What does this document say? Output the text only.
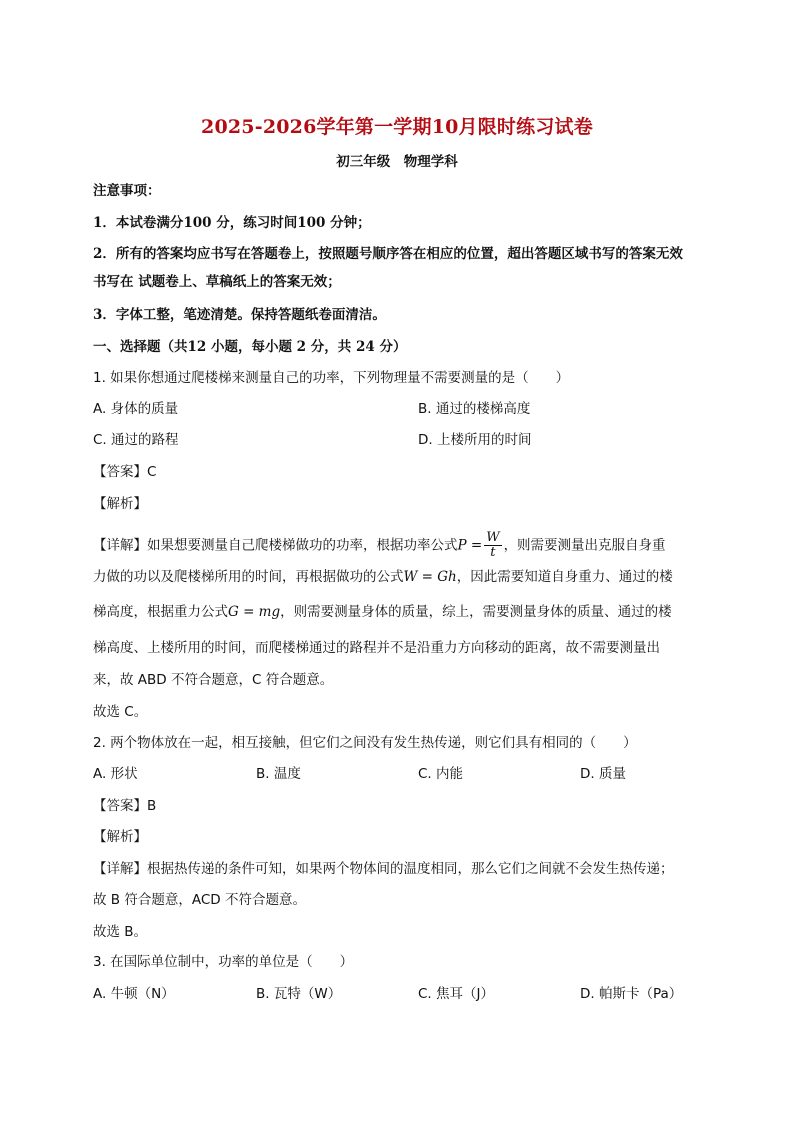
2025-2026学年第一学期10月限时练习试卷
初三年级　物理学科
注意事项：
1．本试卷满分100 分，练习时间100 分钟；
2．所有的答案均应书写在答题卷上，按照题号顺序答在相应的位置，超出答题区域书写的答案无效
书写在 试题卷上、草稿纸上的答案无效；
3．字体工整，笔迹清楚。保持答题纸卷面清洁。
一、选择题（共12 小题，每小题 2 分，共 24 分）
1. 如果你想通过爬楼梯来测量自己的功率，下列物理量不需要测量的是（　　）
A. 身体的质量	B. 通过的楼梯高度
C. 通过的路程	D. 上楼所用的时间
【答案】C
【解析】
【详解】如果想要测量自己爬楼梯做功的功率，根据功率公式$P = \frac{W}{t}$ ，则需要测量出克服自身重
力做的功以及爬楼梯所用的时间，再根据做功的公式W = Gh，因此需要知道自身重力、通过的楼
梯高度，根据重力公式G = mg，则需要测量身体的质量，综上，需要测量身体的质量、通过的楼
梯高度、上楼所用的时间，而爬楼梯通过的路程并不是沿重力方向移动的距离，故不需要测量出
来，故 ABD 不符合题意，C 符合题意。
故选 C。
2. 两个物体放在一起，相互接触，但它们之间没有发生热传递，则它们具有相同的（　　）
A. 形状	B. 温度	C. 内能	D. 质量
【答案】B
【解析】
【详解】根据热传递的条件可知，如果两个物体间的温度相同，那么它们之间就不会发生热传递；
故 B 符合题意，ACD 不符合题意。
故选 B。
3. 在国际单位制中，功率的单位是（　　）
A. 牛顿（N）	B. 瓦特（W）	C. 焦耳（J）	D. 帕斯卡（Pa）
